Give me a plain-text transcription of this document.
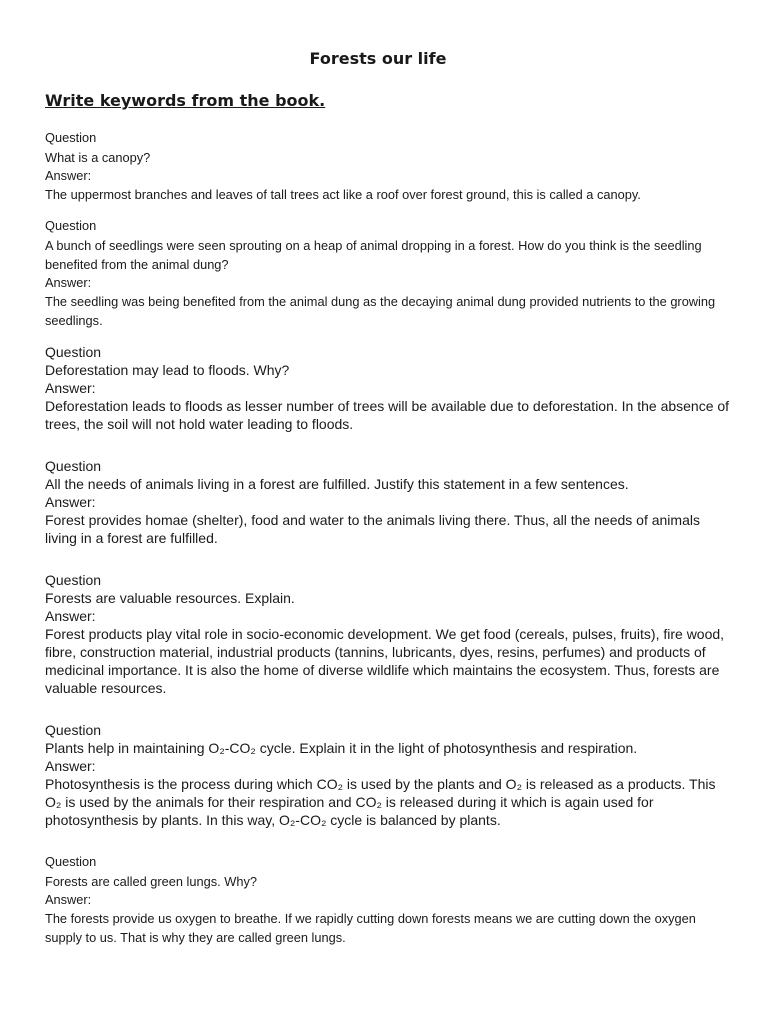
Forests our life
Write keywords from the book.
Question
What is a canopy?
Answer:
The uppermost branches and leaves of tall trees act like a roof over forest ground, this is called a canopy.
Question
A bunch of seedlings were seen sprouting on a heap of animal dropping in a forest. How do you think is the seedling benefited from the animal dung?
Answer:
The seedling was being benefited from the animal dung as the decaying animal dung provided nutrients to the growing seedlings.
Question
Deforestation may lead to floods. Why?
Answer:
Deforestation leads to floods as lesser number of trees will be available due to deforestation. In the absence of trees, the soil will not hold water leading to floods.
Question
All the needs of animals living in a forest are fulfilled. Justify this statement in a few sentences.
Answer:
Forest provides homae (shelter), food and water to the animals living there. Thus, all the needs of animals living in a forest are fulfilled.
Question
Forests are valuable resources. Explain.
Answer:
Forest products play vital role in socio-economic development. We get food (cereals, pulses, fruits), fire wood, fibre, construction material, industrial products (tannins, lubricants, dyes, resins, perfumes) and products of medicinal importance. It is also the home of diverse wildlife which maintains the ecosystem. Thus, forests are valuable resources.
Question
Plants help in maintaining O₂-CO₂ cycle. Explain it in the light of photosynthesis and respiration.
Answer:
Photosynthesis is the process during which CO₂ is used by the plants and O₂ is released as a products. This O₂ is used by the animals for their respiration and CO₂ is released during it which is again used for photosynthesis by plants. In this way, O₂-CO₂ cycle is balanced by plants.
Question
Forests are called green lungs. Why?
Answer:
The forests provide us oxygen to breathe. If we rapidly cutting down forests means we are cutting down the oxygen supply to us. That is why they are called green lungs.
